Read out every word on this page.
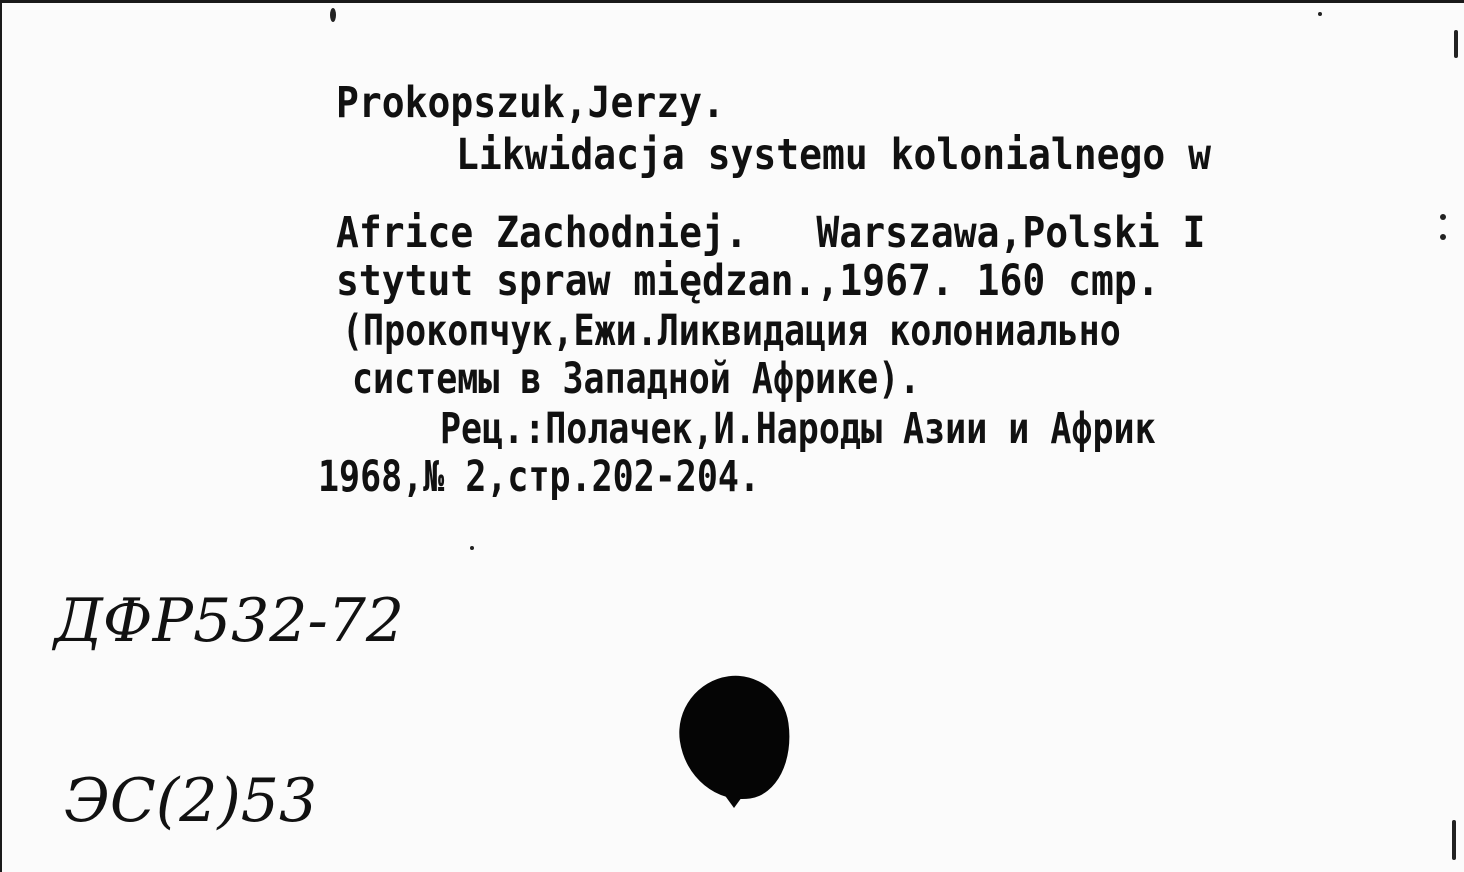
Prokopszuk,Jerzy.
Likwidacja systemu kolonialnego w
Africe Zachodniej.   Warszawa,Polski I
stytut spraw międzan.,1967. 160 cmp.
(Прокопчук,Ежи.Ликвидация колониально
системы в Западной Африке).
Рец.:Полачек,И.Народы Азии и Африк
1968,№ 2,стр.202-204.
ДФР532-72
ЭС(2)53
